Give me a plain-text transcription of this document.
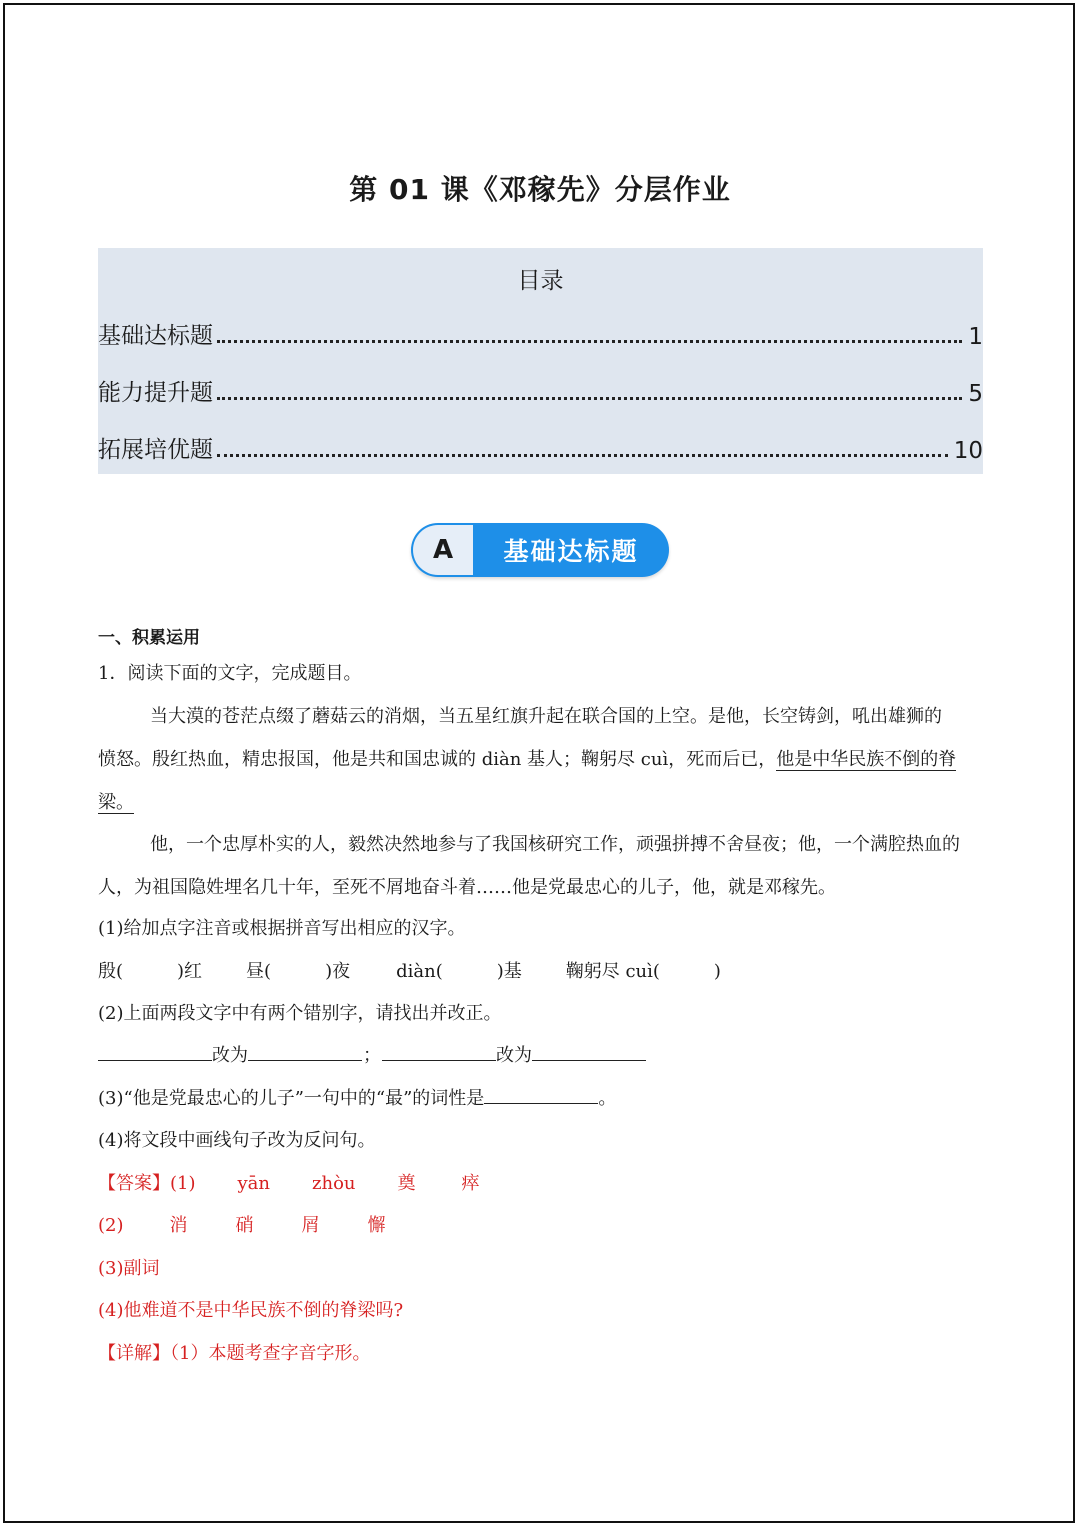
第 01 课《邓稼先》分层作业
目录
基础达标题	1
能力提升题	5
拓展培优题	10
A	基础达标题
一、积累运用
1．阅读下面的文字，完成题目。
当大漠的苍茫点缀了蘑菇云的消烟，当五星红旗升起在联合国的上空。是他，长空铸剑，吼出雄狮的
愤怒。殷红热血，精忠报国，他是共和国忠诚的 diàn 基人；鞠躬尽 cuì，死而后已，他是中华民族不倒的脊
梁。
他，一个忠厚朴实的人，毅然决然地参与了我国核研究工作，顽强拼搏不舍昼夜；他，一个满腔热血的
人，为祖国隐姓埋名几十年，至死不屑地奋斗着……他是党最忠心的儿子，他，就是邓稼先。
(1)给加点字注音或根据拼音写出相应的汉字。
殷(　　　)红 昼(　　　)夜	diàn(　　　)基 鞠躬尽 cuì(　　　)
(2)上面两段文字中有两个错别字，请找出并改正。
改为	；	改为
(3)“他是党最忠心的儿子”一句中的“最”的词性是	。
(4)将文段中画线句子改为反问句。
【答案】(1) yān zhòu 奠	瘁
(2)	消	硝	屑	懈
(3)副词
(4)他难道不是中华民族不倒的脊梁吗?
【详解】（1）本题考查字音字形。
